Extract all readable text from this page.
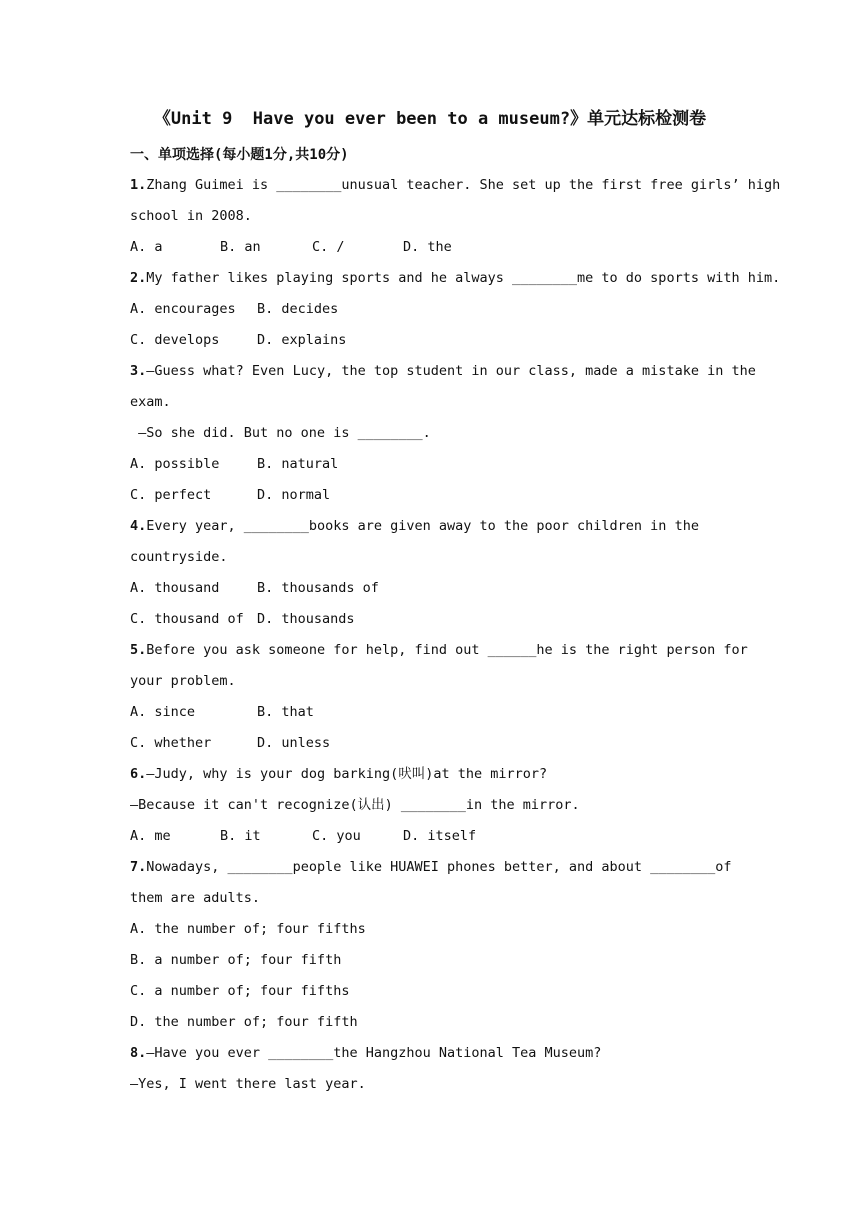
《Unit 9  Have you ever been to a museum?》单元达标检测卷
一、单项选择(每小题1分,共10分)
1.Zhang Guimei is ________unusual teacher. She set up the first free girls’ high
school in 2008.
A. a	B. an	C. /	D. the
2.My father likes playing sports and he always ________me to do sports with him.
A. encourages	B. decides
C. develops	D. explains
3.—Guess what? Even Lucy, the top student in our class, made a mistake in the
exam.
—So she did. But no one is ________.
A. possible	B. natural
C. perfect	D. normal
4.Every year, ________books are given away to the poor children in the
countryside.
A. thousand	B. thousands of
C. thousand of D. thousands
5.Before you ask someone for help, find out ______he is the right person for
your problem.
A. since	B. that
C. whether	D. unless
6.—Judy, why is your dog barking(吠叫)at the mirror?
—Because it can't recognize(认出) ________in the mirror.
A. me	B. it	C. you	D. itself
7.Nowadays, ________people like HUAWEI phones better, and about ________of
them are adults.
A. the number of; four fifths
B. a number of; four fifth
C. a number of; four fifths
D. the number of; four fifth
8.—Have you ever ________the Hangzhou National Tea Museum?
—Yes, I went there last year.
